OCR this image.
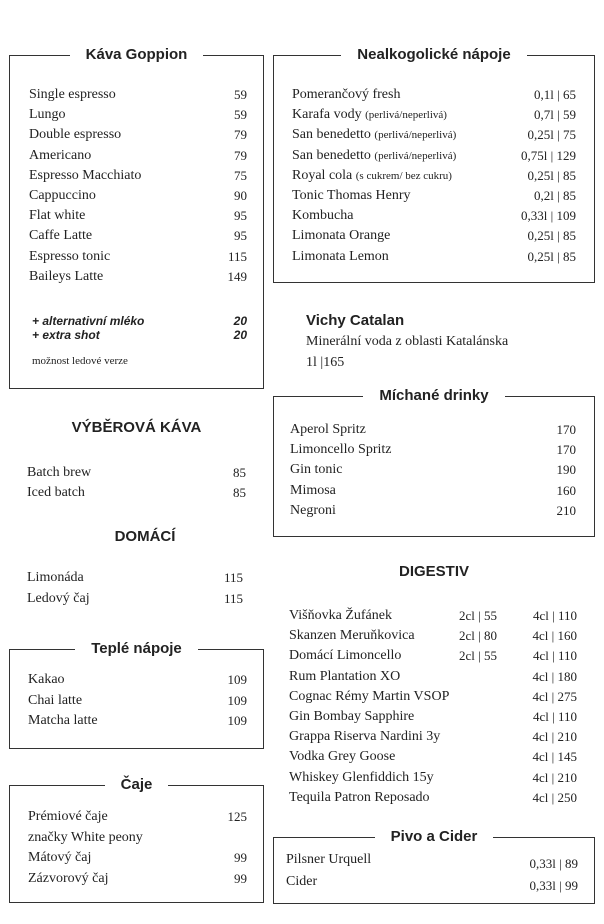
Káva Goppion
Single espresso	59
Lungo	59
Double espresso	79
Americano	79
Espresso Macchiato	75
Cappuccino	90
Flat white	95
Caffe Latte	95
Espresso tonic	115
Baileys Latte	149
+ alternativní mléko	20
+ extra shot	20
možnost ledové verze
Nealkogolické nápoje
Pomerančový fresh	0,1l | 65
Karafa vody (perlivá/neperlivá)	0,7l | 59
San benedetto (perlivá/neperlivá)	0,25l | 75
San benedetto (perlivá/neperlivá)	0,75l | 129
Royal cola (s cukrem/ bez cukru)	0,25l | 85
Tonic Thomas Henry	0,2l | 85
Kombucha	0,33l | 109
Limonata Orange	0,25l | 85
Limonata Lemon	0,25l | 85
Vichy Catalan
Minerální voda z oblasti Katalánska
1l |165
VÝBĚROVÁ KÁVA
Batch brew	85
Iced batch	85
DOMÁCÍ
Limonáda	115
Ledový čaj	115
Míchané drinky
Aperol Spritz	170
Limoncello Spritz	170
Gin tonic	190
Mimosa	160
Negroni	210
DIGESTIV
Višňovka Žufánek	2cl | 55	4cl | 110
Skanzen Meruňkovica	2cl | 80	4cl | 160
Domácí Limoncello	2cl | 55	4cl | 110
Rum Plantation XO	4cl | 180
Cognac Rémy Martin VSOP	4cl | 275
Gin Bombay Sapphire	4cl | 110
Grappa Riserva Nardini 3y	4cl | 210
Vodka Grey Goose	4cl | 145
Whiskey Glenfiddich 15y	4cl | 210
Tequila Patron Reposado	4cl | 250
Teplé nápoje
Kakao	109
Chai latte	109
Matcha latte	109
Čaje
Prémiové čaje	125
značky White peony
Mátový čaj	99
Zázvorový čaj	99
Pivo a Cider
Pilsner Urquell	0,33l | 89
Cider	0,33l | 99
